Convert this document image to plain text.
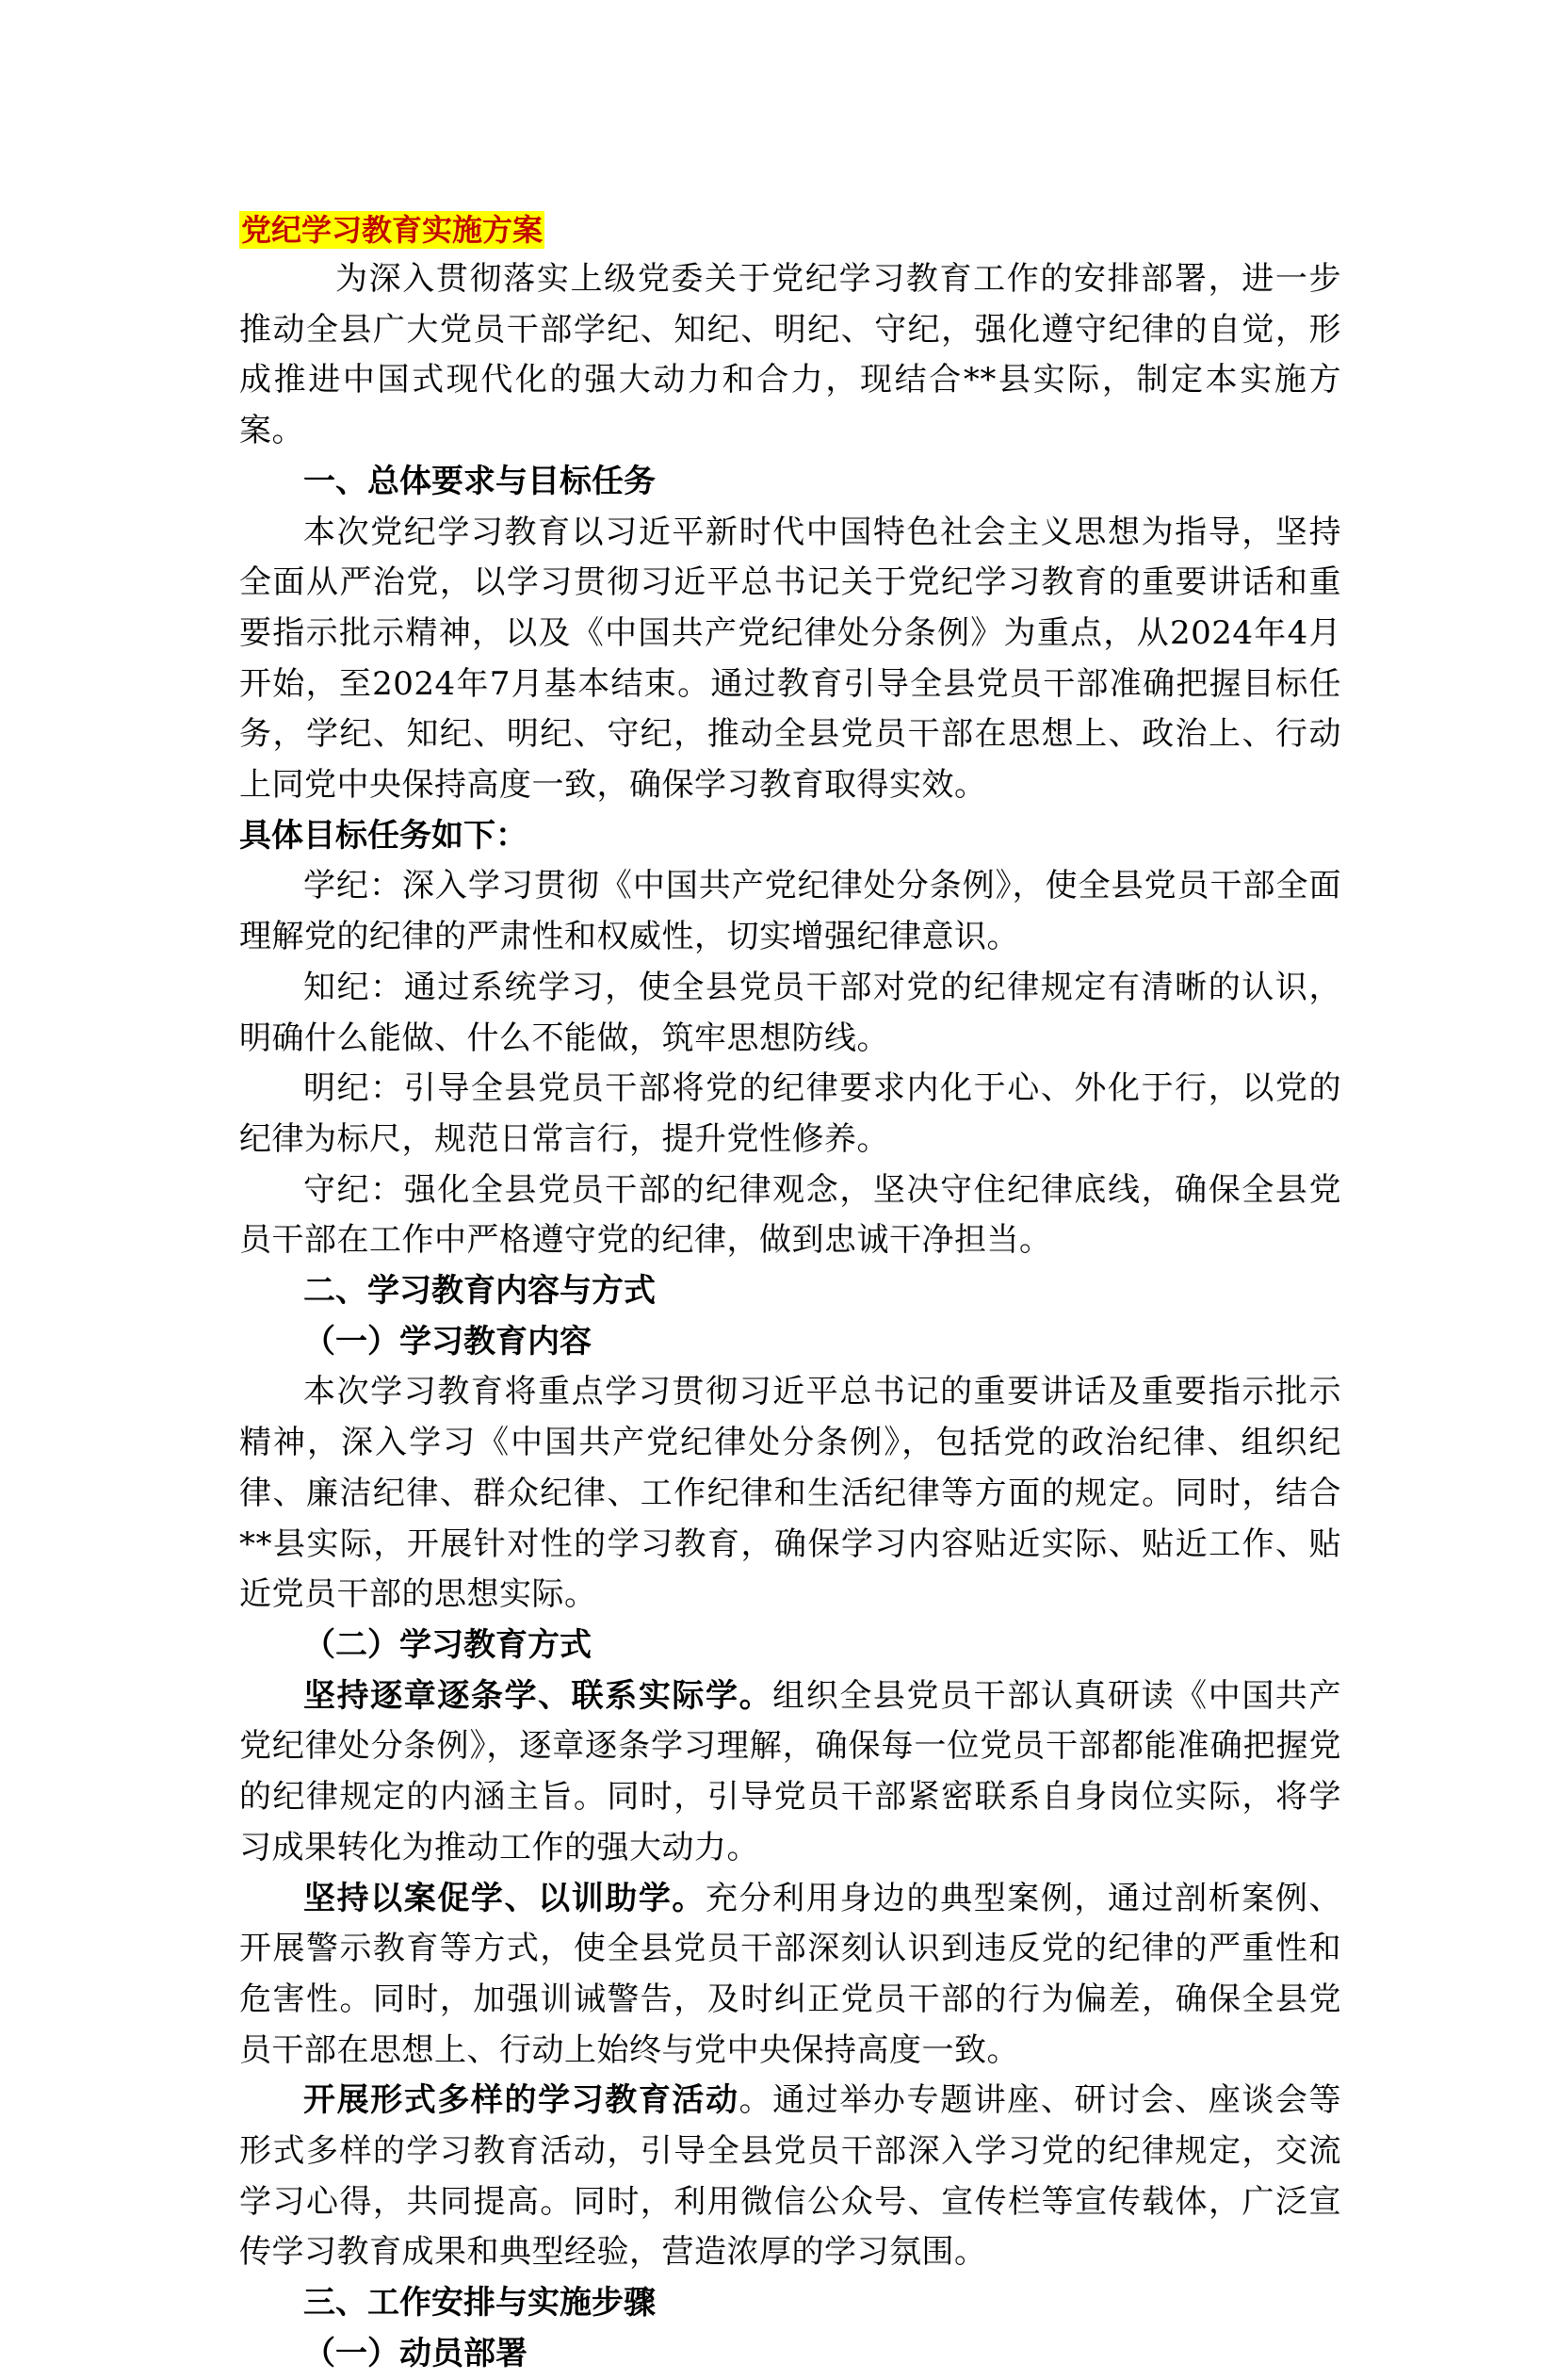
党纪学习教育实施方案

为深入贯彻落实上级党委关于党纪学习教育工作的安排部署，进一步推动全县广大党员干部学纪、知纪、明纪、守纪，强化遵守纪律的自觉，形成推进中国式现代化的强大动力和合力，现结合**县实际，制定本实施方案。

一、总体要求与目标任务

本次党纪学习教育以习近平新时代中国特色社会主义思想为指导，坚持全面从严治党，以学习贯彻习近平总书记关于党纪学习教育的重要讲话和重要指示批示精神，以及《中国共产党纪律处分条例》为重点，从2024年4月开始，至2024年7月基本结束。通过教育引导全县党员干部准确把握目标任务，学纪、知纪、明纪、守纪，推动全县党员干部在思想上、政治上、行动上同党中央保持高度一致，确保学习教育取得实效。

具体目标任务如下：

学纪：深入学习贯彻《中国共产党纪律处分条例》，使全县党员干部全面理解党的纪律的严肃性和权威性，切实增强纪律意识。

知纪：通过系统学习，使全县党员干部对党的纪律规定有清晰的认识，明确什么能做、什么不能做，筑牢思想防线。

明纪：引导全县党员干部将党的纪律要求内化于心、外化于行，以党的纪律为标尺，规范日常言行，提升党性修养。

守纪：强化全县党员干部的纪律观念，坚决守住纪律底线，确保全县党员干部在工作中严格遵守党的纪律，做到忠诚干净担当。

二、学习教育内容与方式

（一）学习教育内容

本次学习教育将重点学习贯彻习近平总书记的重要讲话及重要指示批示精神，深入学习《中国共产党纪律处分条例》，包括党的政治纪律、组织纪律、廉洁纪律、群众纪律、工作纪律和生活纪律等方面的规定。同时，结合**县实际，开展针对性的学习教育，确保学习内容贴近实际、贴近工作、贴近党员干部的思想实际。

（二）学习教育方式

坚持逐章逐条学、联系实际学。组织全县党员干部认真研读《中国共产党纪律处分条例》，逐章逐条学习理解，确保每一位党员干部都能准确把握党的纪律规定的内涵主旨。同时，引导党员干部紧密联系自身岗位实际，将学习成果转化为推动工作的强大动力。

坚持以案促学、以训助学。充分利用身边的典型案例，通过剖析案例、开展警示教育等方式，使全县党员干部深刻认识到违反党的纪律的严重性和危害性。同时，加强训诫警告，及时纠正党员干部的行为偏差，确保全县党员干部在思想上、行动上始终与党中央保持高度一致。

开展形式多样的学习教育活动。通过举办专题讲座、研讨会、座谈会等形式多样的学习教育活动，引导全县党员干部深入学习党的纪律规定，交流学习心得，共同提高。同时，利用微信公众号、宣传栏等宣传载体，广泛宣传学习教育成果和典型经验，营造浓厚的学习氛围。

三、工作安排与实施步骤

（一）动员部署
